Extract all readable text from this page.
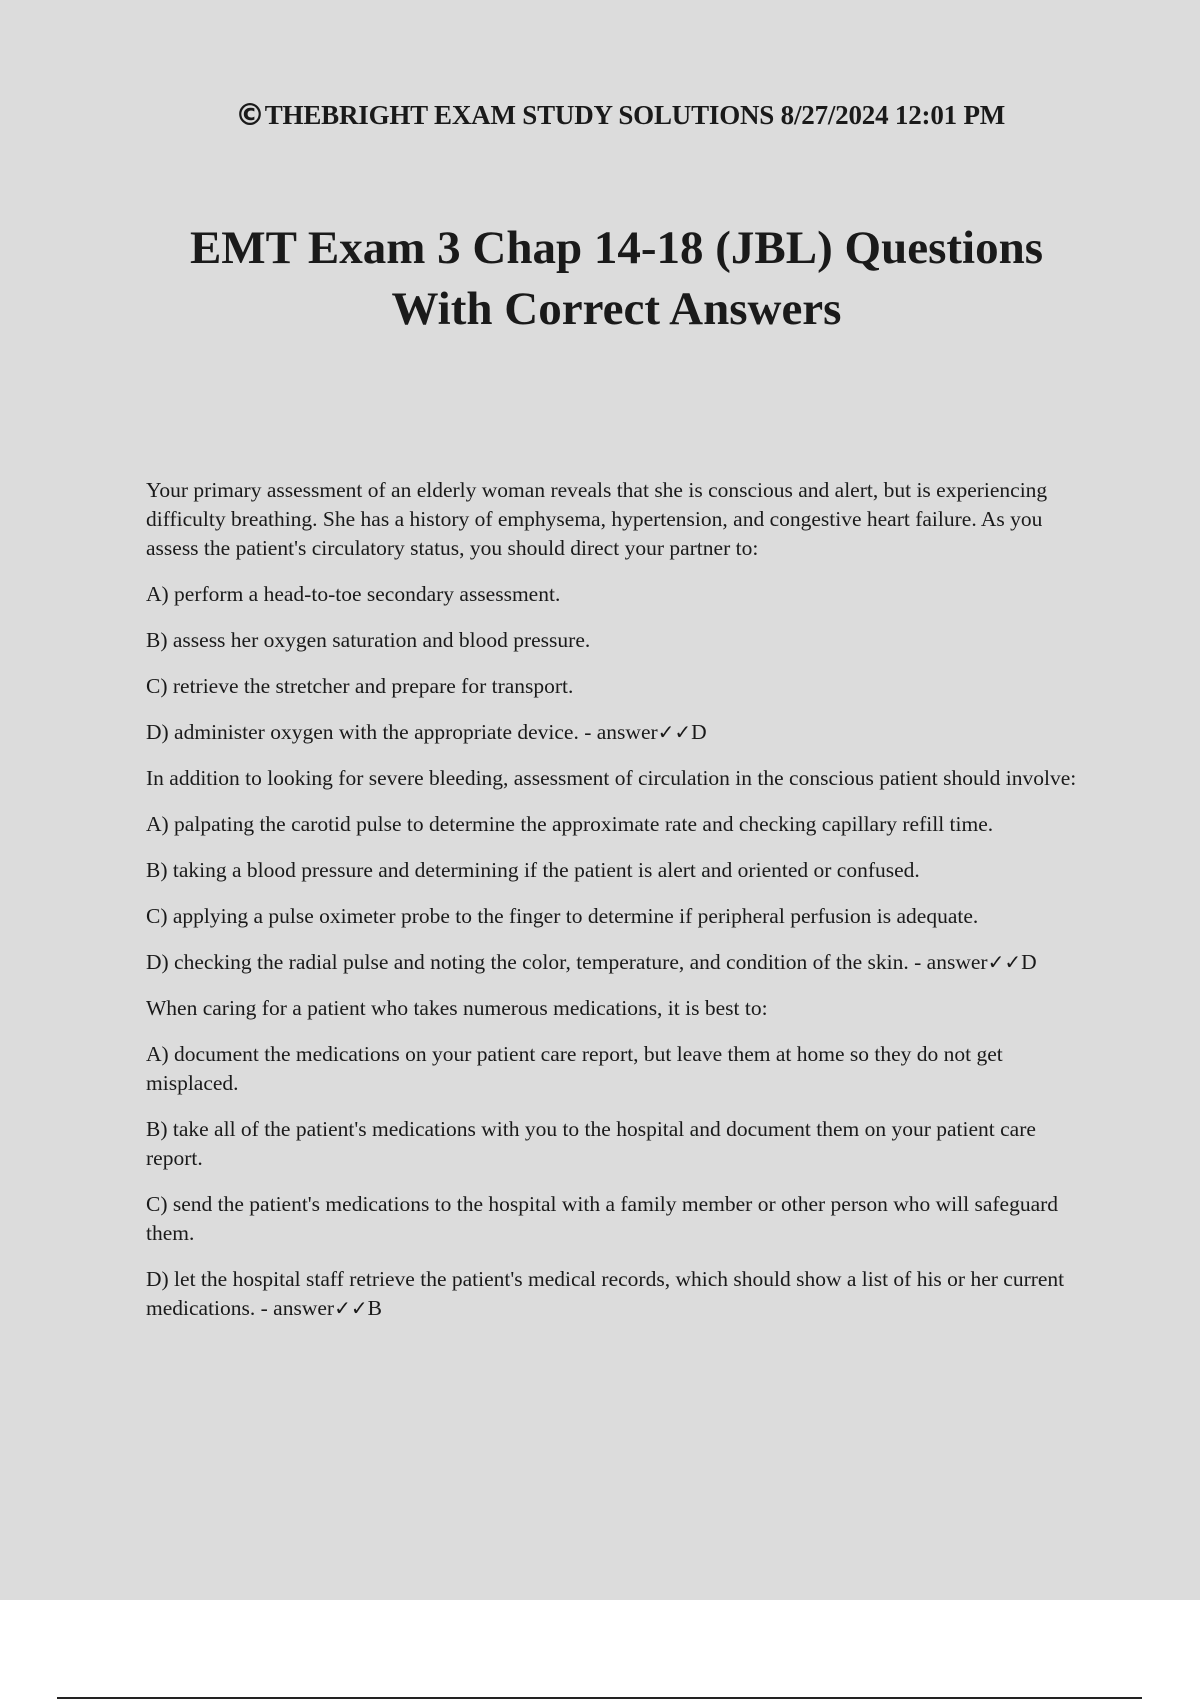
©THEBRIGHT EXAM STUDY SOLUTIONS 8/27/2024 12:01 PM
EMT Exam 3 Chap 14-18 (JBL) Questions
With Correct Answers

Your primary assessment of an elderly woman reveals that she is conscious and alert, but is experiencing difficulty breathing. She has a history of emphysema, hypertension, and congestive heart failure. As you assess the patient's circulatory status, you should direct your partner to:

A) perform a head-to-toe secondary assessment.

B) assess her oxygen saturation and blood pressure.

C) retrieve the stretcher and prepare for transport.

D) administer oxygen with the appropriate device. - answer✓✓D

In addition to looking for severe bleeding, assessment of circulation in the conscious patient should involve:

A) palpating the carotid pulse to determine the approximate rate and checking capillary refill time.

B) taking a blood pressure and determining if the patient is alert and oriented or confused.

C) applying a pulse oximeter probe to the finger to determine if peripheral perfusion is adequate.

D) checking the radial pulse and noting the color, temperature, and condition of the skin. - answer✓✓D

When caring for a patient who takes numerous medications, it is best to:

A) document the medications on your patient care report, but leave them at home so they do not get misplaced.

B) take all of the patient's medications with you to the hospital and document them on your patient care report.

C) send the patient's medications to the hospital with a family member or other person who will safeguard them.

D) let the hospital staff retrieve the patient's medical records, which should show a list of his or her current medications. - answer✓✓B
